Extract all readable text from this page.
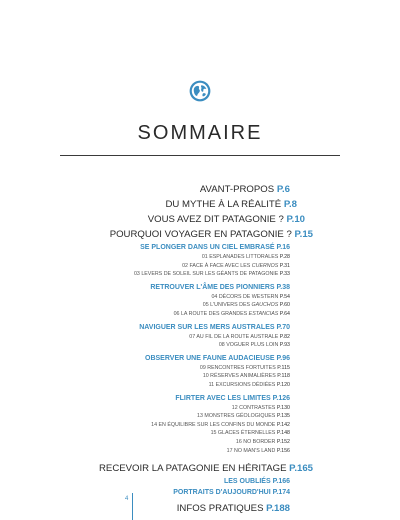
SOMMAIRE
AVANT-PROPOS P.6
DU MYTHE À LA RÉALITÉ P.8
VOUS AVEZ DIT PATAGONIE ? P.10
POURQUOI VOYAGER EN PATAGONIE ? P.15
SE PLONGER DANS UN CIEL EMBRASÉ P.16
01 ESPLANADES LITTORALES P.28
02 FACE À FACE AVEC LES CUERNOS P.31
03 LEVERS DE SOLEIL SUR LES GÉANTS DE PATAGONIE P.33
RETROUVER L'ÂME DES PIONNIERS P.38
04 DÉCORS DE WESTERN P.54
05 L'UNIVERS DES GAUCHOS P.60
06 LA ROUTE DES GRANDES ESTANCIAS P.64
NAVIGUER SUR LES MERS AUSTRALES P.70
07 AU FIL DE LA ROUTE AUSTRALE P.82
08 VOGUER PLUS LOIN P.93
OBSERVER UNE FAUNE AUDACIEUSE P.96
09 RENCONTRES FORTUITES P.115
10 RÉSERVES ANIMALIÈRES P.118
11 EXCURSIONS DÉDIÉES P.120
FLIRTER AVEC LES LIMITES P.126
12 CONTRASTES P.130
13 MONSTRES GÉOLOGIQUES P.135
14 EN ÉQUILIBRE SUR LES CONFINS DU MONDE P.142
15 GLACES ÉTERNELLES P.148
16 NO BORDER P.152
17 NO MAN'S LAND P.156
RECEVOIR LA PATAGONIE EN HÉRITAGE P.165
LES OUBLIÉS P.166
PORTRAITS D'AUJOURD'HUI P.174
INFOS PRATIQUES P.188
4
